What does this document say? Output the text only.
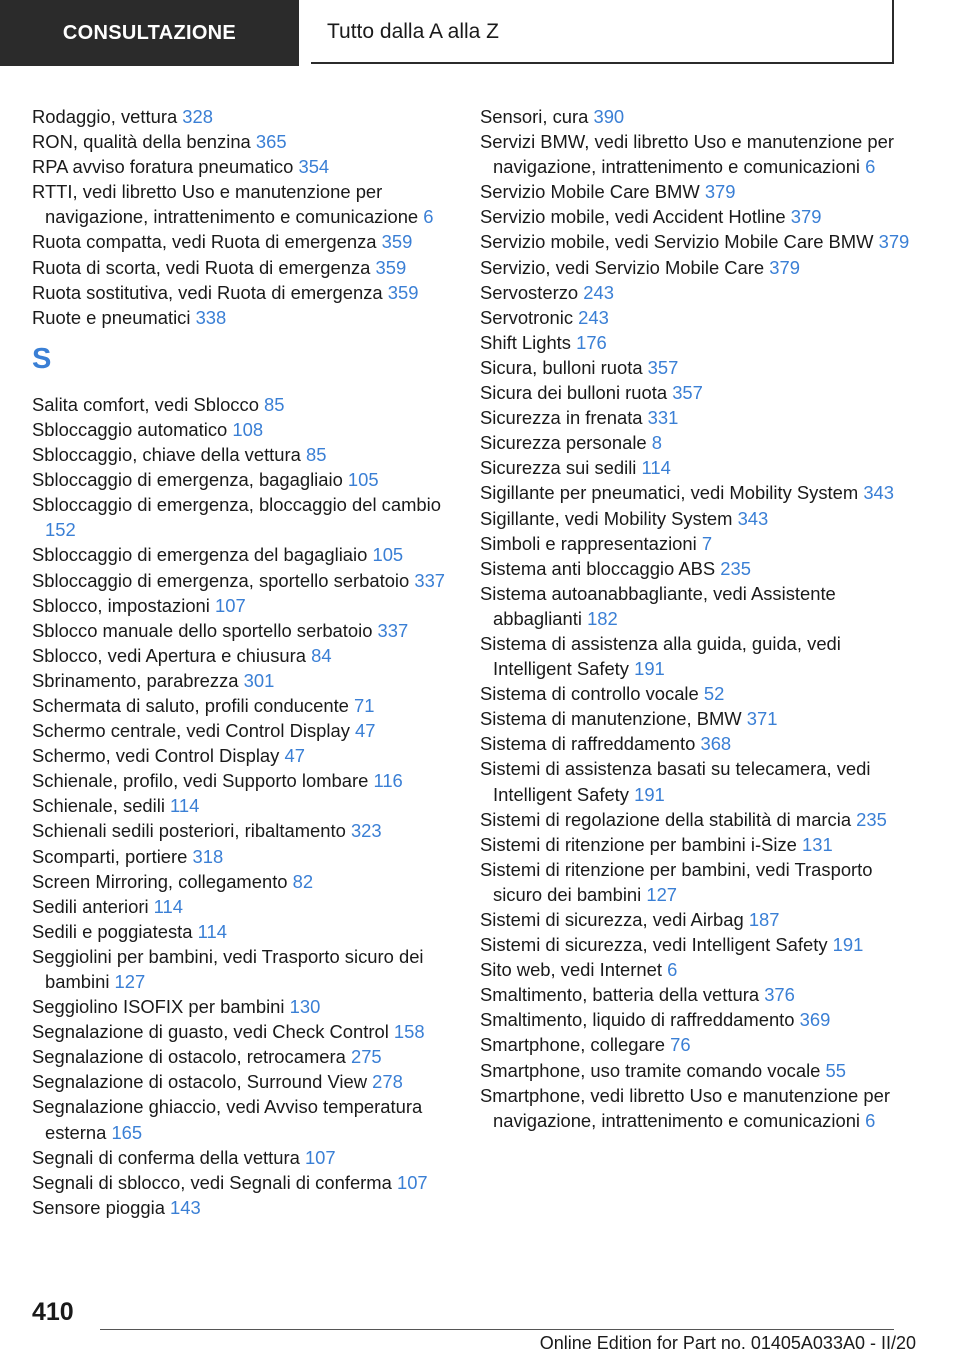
CONSULTAZIONE	Tutto dalla A alla Z
Rodaggio, vettura 328
RON, qualità della benzina 365
RPA avviso foratura pneumatico 354
RTTI, vedi libretto Uso e manutenzione per navigazione, intrattenimento e comunicazione 6
Ruota compatta, vedi Ruota di emergenza 359
Ruota di scorta, vedi Ruota di emergenza 359
Ruota sostitutiva, vedi Ruota di emergenza 359
Ruote e pneumatici 338
S
Salita comfort, vedi Sblocco 85
Sbloccaggio automatico 108
Sbloccaggio, chiave della vettura 85
Sbloccaggio di emergenza, bagagliaio 105
Sbloccaggio di emergenza, bloccaggio del cambio 152
Sbloccaggio di emergenza del bagagliaio 105
Sbloccaggio di emergenza, sportello serbatoio 337
Sblocco, impostazioni 107
Sblocco manuale dello sportello serbatoio 337
Sblocco, vedi Apertura e chiusura 84
Sbrinamento, parabrezza 301
Schermata di saluto, profili conducente 71
Schermo centrale, vedi Control Display 47
Schermo, vedi Control Display 47
Schienale, profilo, vedi Supporto lombare 116
Schienale, sedili 114
Schienali sedili posteriori, ribaltamento 323
Scomparti, portiere 318
Screen Mirroring, collegamento 82
Sedili anteriori 114
Sedili e poggiatesta 114
Seggiolini per bambini, vedi Trasporto sicuro dei bambini 127
Seggiolino ISOFIX per bambini 130
Segnalazione di guasto, vedi Check Control 158
Segnalazione di ostacolo, retrocamera 275
Segnalazione di ostacolo, Surround View 278
Segnalazione ghiaccio, vedi Avviso temperatura esterna 165
Segnali di conferma della vettura 107
Segnali di sblocco, vedi Segnali di conferma 107
Sensore pioggia 143
Sensori, cura 390
Servizi BMW, vedi libretto Uso e manutenzione per navigazione, intrattenimento e comunicazioni 6
Servizio Mobile Care BMW 379
Servizio mobile, vedi Accident Hotline 379
Servizio mobile, vedi Servizio Mobile Care BMW 379
Servizio, vedi Servizio Mobile Care 379
Servosterzo 243
Servotronic 243
Shift Lights 176
Sicura, bulloni ruota 357
Sicura dei bulloni ruota 357
Sicurezza in frenata 331
Sicurezza personale 8
Sicurezza sui sedili 114
Sigillante per pneumatici, vedi Mobility System 343
Sigillante, vedi Mobility System 343
Simboli e rappresentazioni 7
Sistema anti bloccaggio ABS 235
Sistema autoanabbagliante, vedi Assistente abbaglianti 182
Sistema di assistenza alla guida, guida, vedi Intelligent Safety 191
Sistema di controllo vocale 52
Sistema di manutenzione, BMW 371
Sistema di raffreddamento 368
Sistemi di assistenza basati su telecamera, vedi Intelligent Safety 191
Sistemi di regolazione della stabilità di marcia 235
Sistemi di ritenzione per bambini i-Size 131
Sistemi di ritenzione per bambini, vedi Trasporto sicuro dei bambini 127
Sistemi di sicurezza, vedi Airbag 187
Sistemi di sicurezza, vedi Intelligent Safety 191
Sito web, vedi Internet 6
Smaltimento, batteria della vettura 376
Smaltimento, liquido di raffreddamento 369
Smartphone, collegare 76
Smartphone, uso tramite comando vocale 55
Smartphone, vedi libretto Uso e manutenzione per navigazione, intrattenimento e comunicazioni 6
410
Online Edition for Part no. 01405A033A0 - II/20
